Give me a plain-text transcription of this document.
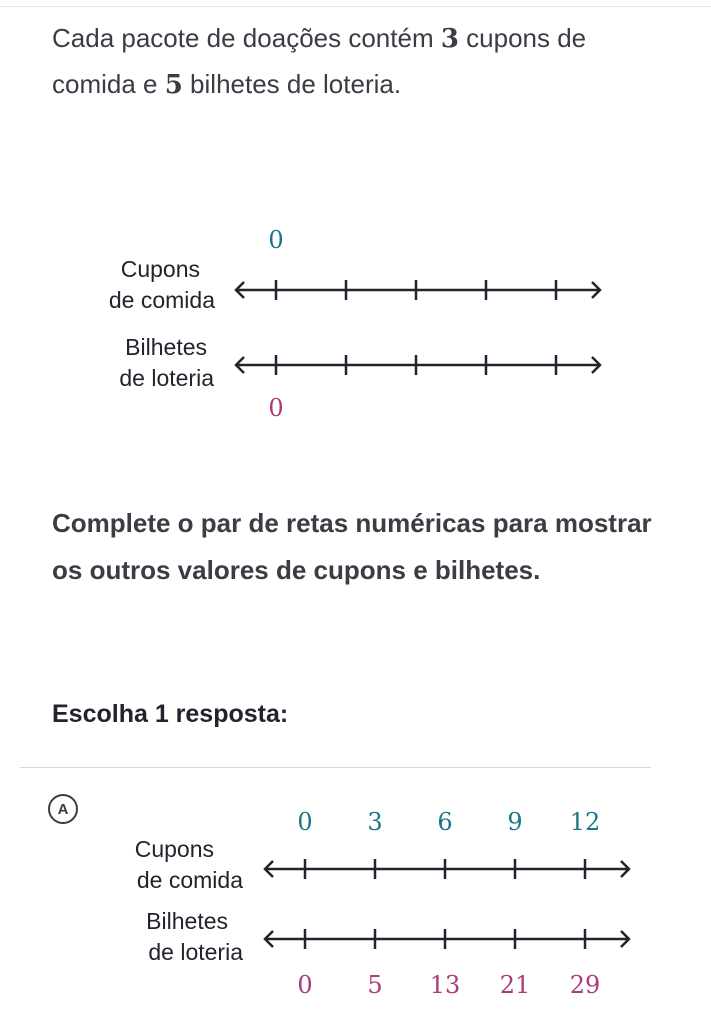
Cada pacote de doações contém 3 cupons de comida e 5 bilhetes de loteria.
0
Cupons
de comida
Bilhetes
de loteria
0
Complete o par de retas numéricas para mostrar os outros valores de cupons e bilhetes.
Escolha 1 resposta:
A	0 3 6 9 12
Cupons
de comida
Bilhetes
de loteria
0 5 13 21 29
